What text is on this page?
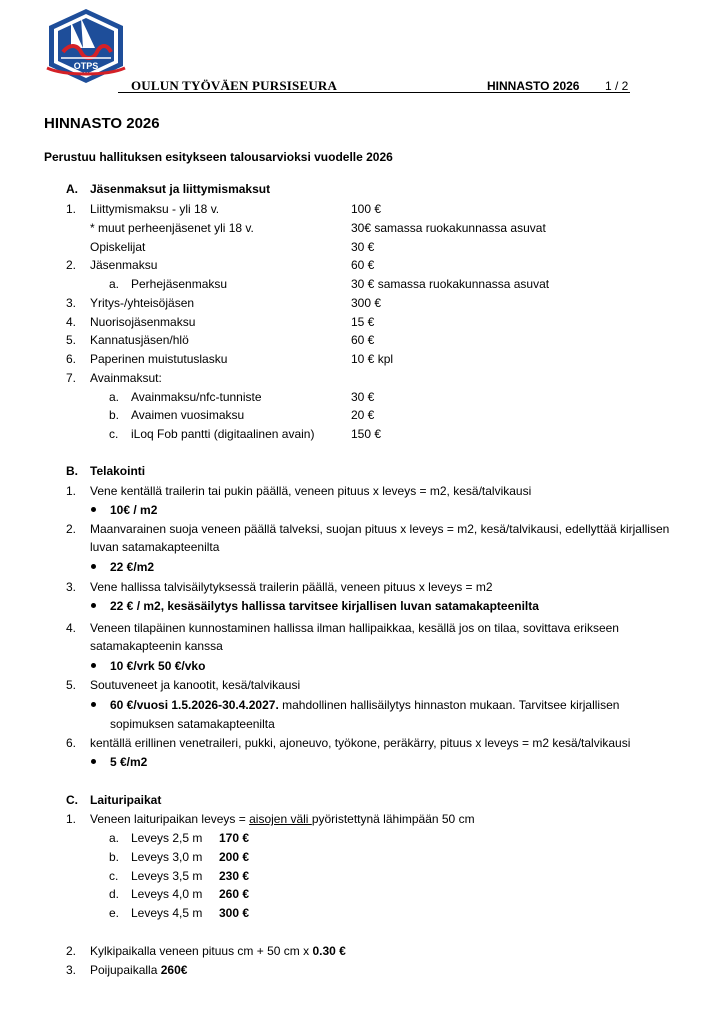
OTPS
1912
OULUN TYÖVÄEN PURSISEURA	HINNASTO 2026 1 / 2
HINNASTO 2026
Perustuu hallituksen esitykseen talousarvioksi vuodelle 2026
A. Jäsenmaksut ja liittymismaksut
1. Liittymismaksu - yli 18 v.	100 €
* muut perheenjäsenet yli 18 v.	30€ samassa ruokakunnassa asuvat
Opiskelijat	30 €
2. Jäsenmaksu	60 €
a. Perhejäsenmaksu	30 € samassa ruokakunnassa asuvat
3. Yritys-/yhteisöjäsen	300 €
4. Nuorisojäsenmaksu	15 €
5. Kannatusjäsen/hlö	60 €
6. Paperinen muistutuslasku	10 € kpl
7. Avainmaksut:
a. Avainmaksu/nfc-tunniste	30 €
b. Avaimen vuosimaksu	20 €
c. iLoq Fob pantti (digitaalinen avain)	150 €
B. Telakointi
1. Vene kentällä trailerin tai pukin päällä, veneen pituus x leveys = m2, kesä/talvikausi
10€ / m2
2. Maanvarainen suoja veneen päällä talveksi, suojan pituus x leveys = m2, kesä/talvikausi, edellyttää kirjallisen
luvan satamakapteenilta
22 €/m2
3. Vene hallissa talvisäilytyksessä trailerin päällä, veneen pituus x leveys = m2
22 € / m2, kesäsäilytys hallissa tarvitsee kirjallisen luvan satamakapteenilta
4. Veneen tilapäinen kunnostaminen hallissa ilman hallipaikkaa, kesällä jos on tilaa, sovittava erikseen
satamakapteenin kanssa
10 €/vrk 50 €/vko
5. Soutuveneet ja kanootit, kesä/talvikausi
60 €/vuosi 1.5.2026-30.4.2027. mahdollinen hallisäilytys hinnaston mukaan. Tarvitsee kirjallisen
sopimuksen satamakapteenilta
6. kentällä erillinen venetraileri, pukki, ajoneuvo, työkone, peräkärry, pituus x leveys = m2 kesä/talvikausi
5 €/m2
C. Laituripaikat
1. Veneen laituripaikan leveys = aisojen väli pyöristettynä lähimpään 50 cm
a. Leveys 2,5 m 170 €
b. Leveys 3,0 m 200 €
c. Leveys 3,5 m 230 €
d. Leveys 4,0 m 260 €
e. Leveys 4,5 m 300 €
2. Kylkipaikalla veneen pituus cm + 50 cm x 0.30 €
3. Poijupaikalla 260€
